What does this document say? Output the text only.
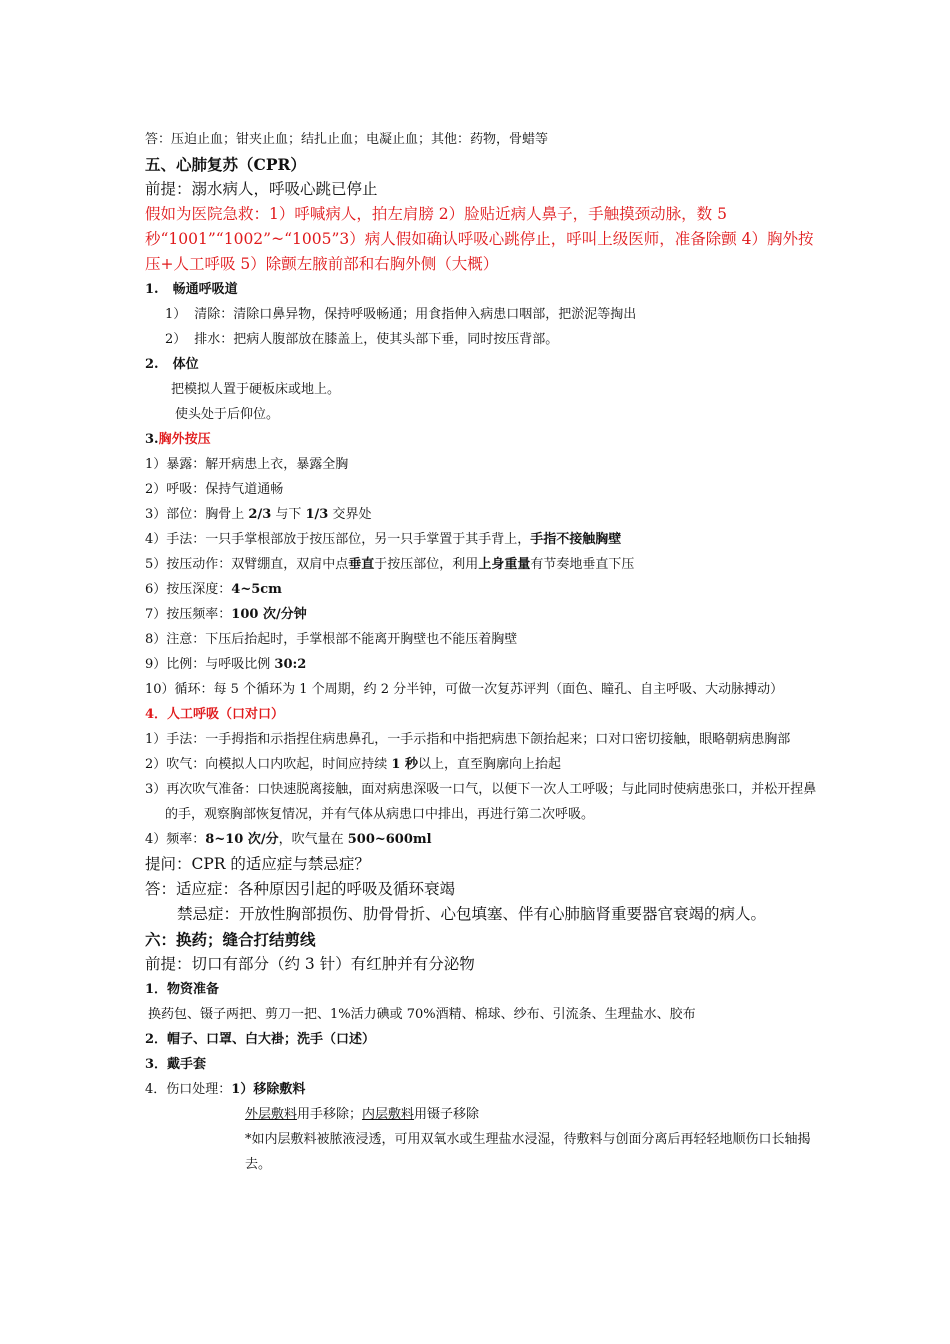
答：压迫止血；钳夹止血；结扎止血；电凝止血；其他：药物，骨蜡等
五、心肺复苏（CPR）
前提：溺水病人，呼吸心跳已停止
假如为医院急救：1）呼喊病人，拍左肩膀 2）脸贴近病人鼻子，手触摸颈动脉，数 5 秒“1001”“1002”~“1005”3）病人假如确认呼吸心跳停止，呼叫上级医师，准备除颤 4）胸外按压+人工呼吸 5）除颤左腋前部和右胸外侧（大概）
1. 畅通呼吸道
1） 清除：清除口鼻异物，保持呼吸畅通；用食指伸入病患口咽部，把淤泥等掏出
2） 排水：把病人腹部放在膝盖上，使其头部下垂，同时按压背部。
2. 体位
把模拟人置于硬板床或地上。
使头处于后仰位。
3.胸外按压
1）暴露：解开病患上衣，暴露全胸
2）呼吸：保持气道通畅
3）部位：胸骨上 2/3 与下 1/3 交界处
4）手法：一只手掌根部放于按压部位，另一只手掌置于其手背上，手指不接触胸壁
5）按压动作：双臂绷直，双肩中点垂直于按压部位，利用上身重量有节奏地垂直下压
6）按压深度：4~5cm
7）按压频率：100 次/分钟
8）注意：下压后抬起时，手掌根部不能离开胸壁也不能压着胸壁
9）比例：与呼吸比例 30:2
10）循环：每 5 个循环为 1 个周期，约 2 分半钟，可做一次复苏评判（面色、瞳孔、自主呼吸、大动脉搏动）
4．人工呼吸（口对口）
1）手法：一手拇指和示指捏住病患鼻孔，一手示指和中指把病患下颌抬起来；口对口密切接触，眼略朝病患胸部
2）吹气：向模拟人口内吹起，时间应持续 1 秒以上，直至胸廓向上抬起
3）再次吹气准备：口快速脱离接触，面对病患深吸一口气，以便下一次人工呼吸；与此同时使病患张口，并松开捏鼻的手，观察胸部恢复情况，并有气体从病患口中排出，再进行第二次呼吸。
4）频率：8~10 次/分，吹气量在 500~600ml
提问：CPR 的适应症与禁忌症？
答：适应症：各种原因引起的呼吸及循环衰竭
禁忌症：开放性胸部损伤、肋骨骨折、心包填塞、伴有心肺脑肾重要器官衰竭的病人。
六：换药；缝合打结剪线
前提：切口有部分（约 3 针）有红肿并有分泌物
1．物资准备
换药包、镊子两把、剪刀一把、1%活力碘或 70%酒精、棉球、纱布、引流条、生理盐水、胶布
2．帽子、口罩、白大褂；洗手（口述）
3．戴手套
4．伤口处理：1）移除敷料
外层敷料用手移除；内层敷料用镊子移除
*如内层敷料被脓液浸透，可用双氧水或生理盐水浸湿，待敷料与创面分离后再轻轻地顺伤口长轴揭去。
